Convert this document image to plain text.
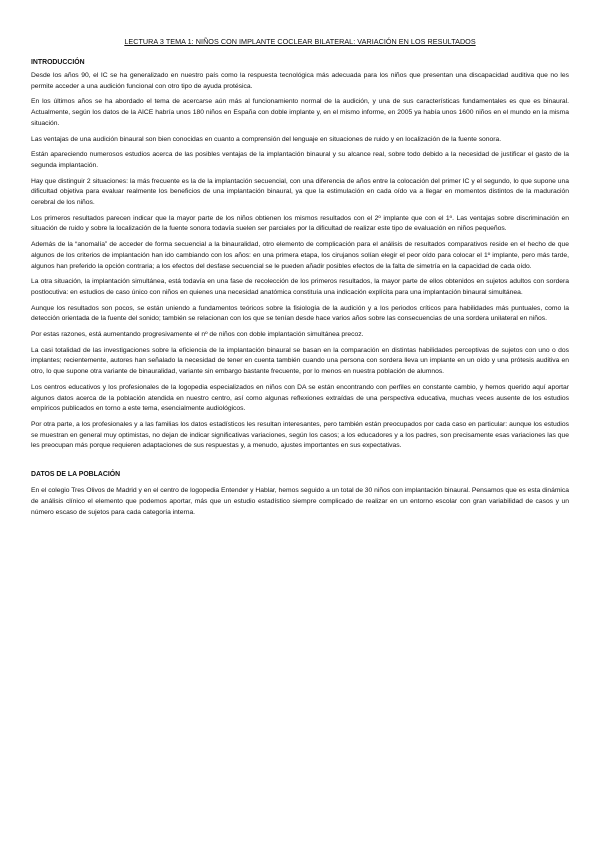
LECTURA 3 TEMA 1: NIÑOS CON IMPLANTE COCLEAR BILATERAL: VARIACIÓN EN LOS RESULTADOS
INTRODUCCIÓN

Desde los años 90, el IC se ha generalizado en nuestro país como la respuesta tecnológica más adecuada para los niños que presentan una discapacidad auditiva que no les permite acceder a una audición funcional con otro tipo de ayuda protésica.

En los últimos años se ha abordado el tema de acercarse aún más al funcionamiento normal de la audición, y una de sus características fundamentales es que es binaural. Actualmente, según los datos de la AICE habría unos 180 niños en España con doble implante y, en el mismo informe, en 2005 ya había unos 1600 niños en el mundo en la misma situación.

Las ventajas de una audición binaural son bien conocidas en cuanto a comprensión del lenguaje en situaciones de ruido y en localización de la fuente sonora.

Están apareciendo numerosos estudios acerca de las posibles ventajas de la implantación binaural y su alcance real, sobre todo debido a la necesidad de justificar el gasto de la segunda implantación.

Hay que distinguir 2 situaciones: la más frecuente es la de la implantación secuencial, con una diferencia de años entre la colocación del primer IC y el segundo, lo que supone una dificultad objetiva para evaluar realmente los beneficios de una implantación binaural, ya que la estimulación en cada oído va a llegar en momentos distintos de la maduración cerebral de los niños.

Los primeros resultados parecen indicar que la mayor parte de los niños obtienen los mismos resultados con el 2º implante que con el 1º. Las ventajas sobre discriminación en situación de ruido y sobre la localización de la fuente sonora todavía suelen ser parciales por la dificultad de realizar este tipo de evaluación en niños pequeños.

Además de la “anomalía” de acceder de forma secuencial a la binauralidad, otro elemento de complicación para el análisis de resultados comparativos reside en el hecho de que algunos de los criterios de implantación han ido cambiando con los años: en una primera etapa, los cirujanos solían elegir el peor oído para colocar el 1º implante, pero más tarde, algunos han preferido la opción contraria; a los efectos del desfase secuencial se le pueden añadir posibles efectos de la falta de simetría en la capacidad de cada oído.

La otra situación, la implantación simultánea, está todavía en una fase de recolección de los primeros resultados, la mayor parte de ellos obtenidos en sujetos adultos con sordera postlocutiva: en estudios de caso único con niños en quienes una necesidad anatómica constituía una indicación explícita para una implantación binaural simultánea.

Aunque los resultados son pocos, se están uniendo a fundamentos teóricos sobre la fisiología de la audición y a los periodos críticos para habilidades más puntuales, como la detección orientada de la fuente del sonido; también se relacionan con los que se tenían desde hace varios años sobre las consecuencias de una sordera unilateral en niños.

Por estas razones, está aumentando progresivamente el nº de niños con doble implantación simultánea precoz.

La casi totalidad de las investigaciones sobre la eficiencia de la implantación binaural se basan en la comparación en distintas habilidades perceptivas de sujetos con uno o dos implantes; recientemente, autores han señalado la necesidad de tener en cuenta también cuando una persona con sordera lleva un implante en un oído y una prótesis auditiva en otro, lo que supone otra variante de binauralidad, variante sin embargo bastante frecuente, por lo menos en nuestra población de alumnos.

Los centros educativos y los profesionales de la logopedia especializados en niños con DA se están encontrando con perfiles en constante cambio, y hemos querido aquí aportar algunos datos acerca de la población atendida en nuestro centro, así como algunas reflexiones extraídas de una perspectiva educativa, muchas veces ausente de los estudios empíricos publicados en torno a este tema, esencialmente audiológicos.

Por otra parte, a los profesionales y a las familias los datos estadísticos les resultan interesantes, pero también están preocupados por cada caso en particular: aunque los estudios se muestran en general muy optimistas, no dejan de indicar significativas variaciones, según los casos; a los educadores y a los padres, son precisamente esas variaciones las que les preocupan más porque requieren adaptaciones de sus respuestas y, a menudo, ajustes importantes en sus expectativas.

DATOS DE LA POBLACIÓN

En el colegio Tres Olivos de Madrid y en el centro de logopedia Entender y Hablar, hemos seguido a un total de 30 niños con implantación binaural. Pensamos que es esta dinámica de análisis clínico el elemento que podemos aportar, más que un estudio estadístico siempre complicado de realizar en un entorno escolar con gran variabilidad de casos y un número escaso de sujetos para cada categoría interna.
